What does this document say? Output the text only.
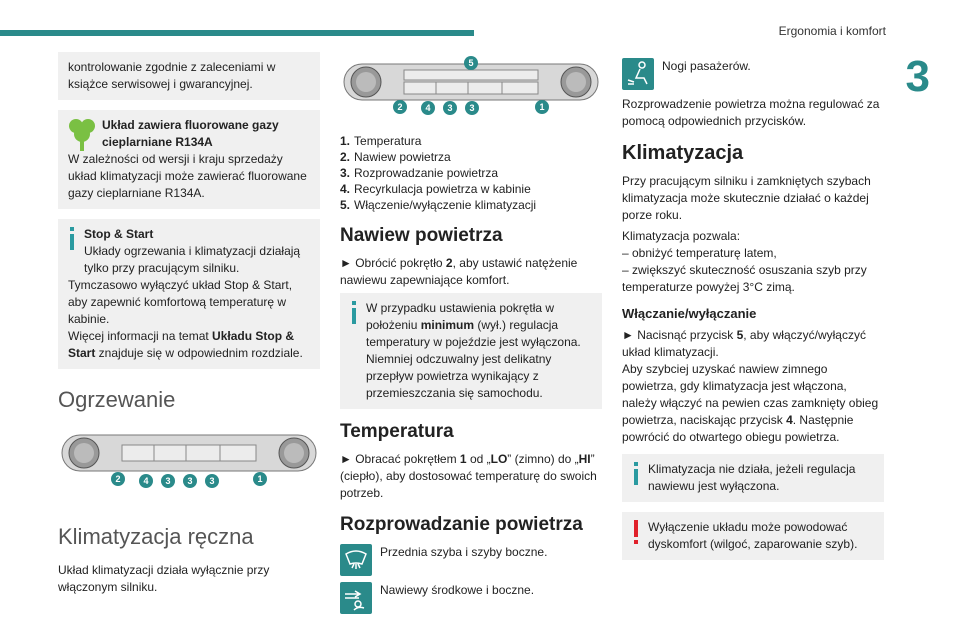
Ergonomia i komfort
3
kontrolowanie zgodnie z zaleceniami w książce serwisowej i gwarancyjnej.
Układ zawiera fluorowane gazy cieplarniane R134A
W zależności od wersji i kraju sprzedaży układ klimatyzacji może zawierać fluorowane gazy cieplarniane R134A.
Stop & Start
Układy ogrzewania i klimatyzacji działają tylko przy pracującym silniku.
Tymczasowo wyłączyć układ Stop & Start, aby zapewnić komfortową temperaturę w kabinie.
Więcej informacji na temat Układu Stop & Start znajduje się w odpowiednim rozdziale.
Ogrzewanie
2	4 3 3 3	1
Klimatyzacja ręczna

Układ klimatyzacji działa wyłącznie przy włączonym silniku.

5
2	4 3 3	1
1. Temperatura
2. Nawiew powietrza
3. Rozprowadzanie powietrza
4. Recyrkulacja powietrza w kabinie
5. Włączenie/wyłączenie klimatyzacji
Nawiew powietrza

► Obrócić pokrętło 2, aby ustawić natężenie nawiewu zapewniające komfort.

W przypadku ustawienia pokrętła w położeniu minimum (wył.) regulacja temperatury w pojeździe jest wyłączona. Niemniej odczuwalny jest delikatny przepływ powietrza wynikający z przemieszczania się samochodu.
Temperatura

► Obracać pokrętłem 1 od „LO” (zimno) do „HI” (ciepło), aby dostosować temperaturę do swoich potrzeb.

Rozprowadzanie powietrza
Przednia szyba i szyby boczne.
Nawiewy środkowe i boczne.
Nogi pasażerów.

Rozprowadzenie powietrza można regulować za pomocą odpowiednich przycisków.

Klimatyzacja

Przy pracującym silniku i zamkniętych szybach klimatyzacja może skutecznie działać o każdej porze roku.

Klimatyzacja pozwala:

– obniżyć temperaturę latem,

– zwiększyć skuteczność osuszania szyb przy temperaturze powyżej 3°C zimą.

Włączanie/wyłączanie

► Nacisnąć przycisk 5, aby włączyć/wyłączyć układ klimatyzacji.

Aby szybciej uzyskać nawiew zimnego powietrza, gdy klimatyzacja jest włączona, należy włączyć na pewien czas zamknięty obieg powietrza, naciskając przycisk 4. Następnie powrócić do otwartego obiegu powietrza.

Klimatyzacja nie działa, jeżeli regulacja nawiewu jest wyłączona.
Wyłączenie układu może powodować dyskomfort (wilgoć, zaparowanie szyb).
